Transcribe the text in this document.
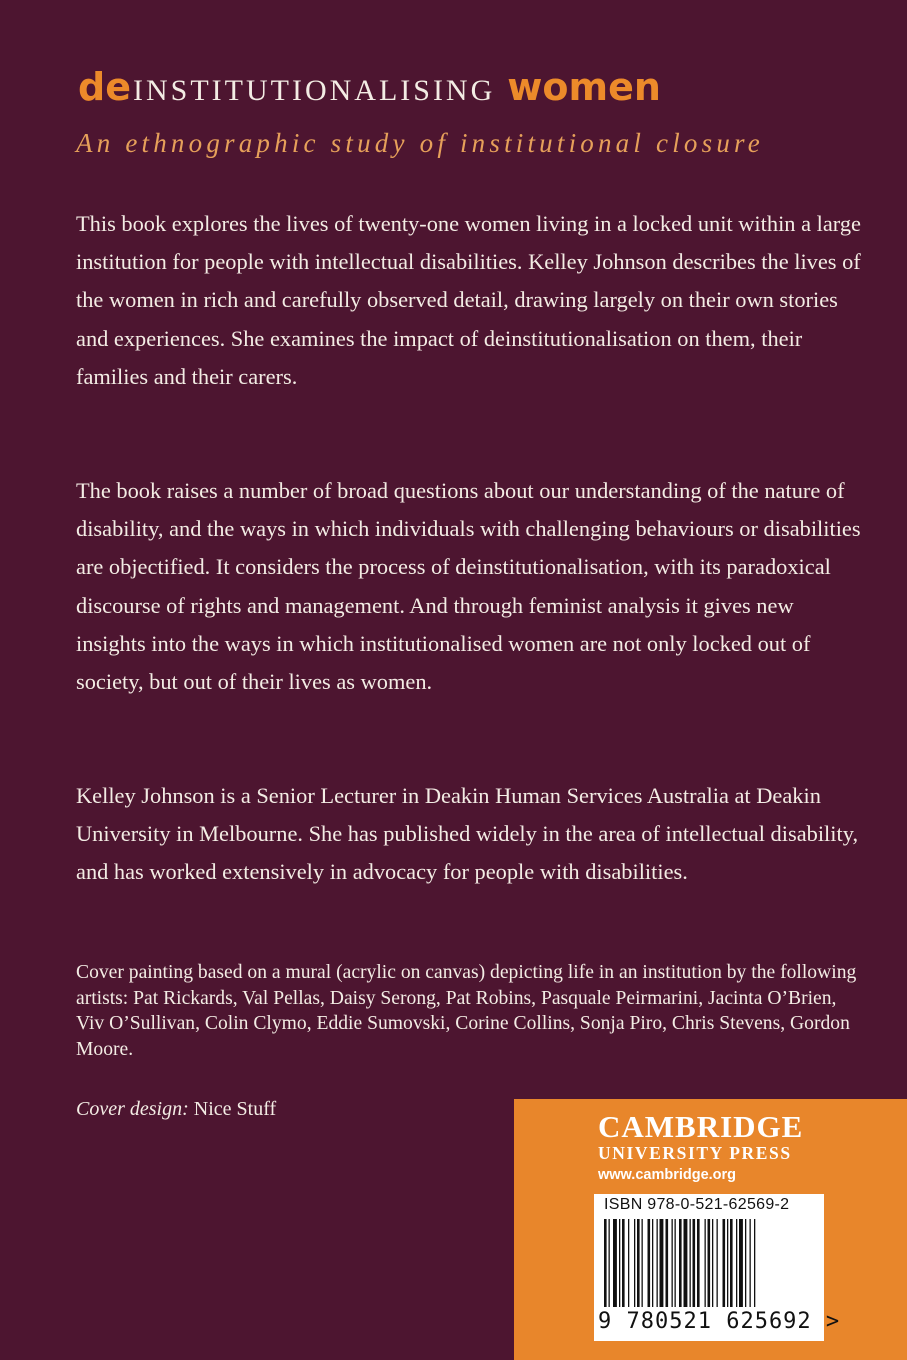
deINSTITUTIONALISING women
An ethnographic study of institutional closure

This book explores the lives of twenty-one women living in a locked unit within a large institution for people with intellectual disabilities. Kelley Johnson describes the lives of the women in rich and carefully observed detail, drawing largely on their own stories and experiences. She examines the impact of deinstitutionalisation on them, their families and their carers.

The book raises a number of broad questions about our understanding of the nature of disability, and the ways in which individuals with challenging behaviours or disabilities are objectified. It considers the process of deinstitutionalisation, with its paradoxical discourse of rights and management. And through feminist analysis it gives new insights into the ways in which institutionalised women are not only locked out of society, but out of their lives as women.

Kelley Johnson is a Senior Lecturer in Deakin Human Services Australia at Deakin University in Melbourne. She has published widely in the area of intellectual disability, and has worked extensively in advocacy for people with disabilities.

Cover painting based on a mural (acrylic on canvas) depicting life in an institution by the following artists: Pat Rickards, Val Pellas, Daisy Serong, Pat Robins, Pasquale Peirmarini, Jacinta O’Brien, Viv O’Sullivan, Colin Clymo, Eddie Sumovski, Corine Collins, Sonja Piro, Chris Stevens, Gordon Moore.

Cover design: Nice Stuff	CAMBRIDGE
UNIVERSITY PRESS
www.cambridge.org
ISBN 978-0-521-62569-2
9 780521 625692 >
